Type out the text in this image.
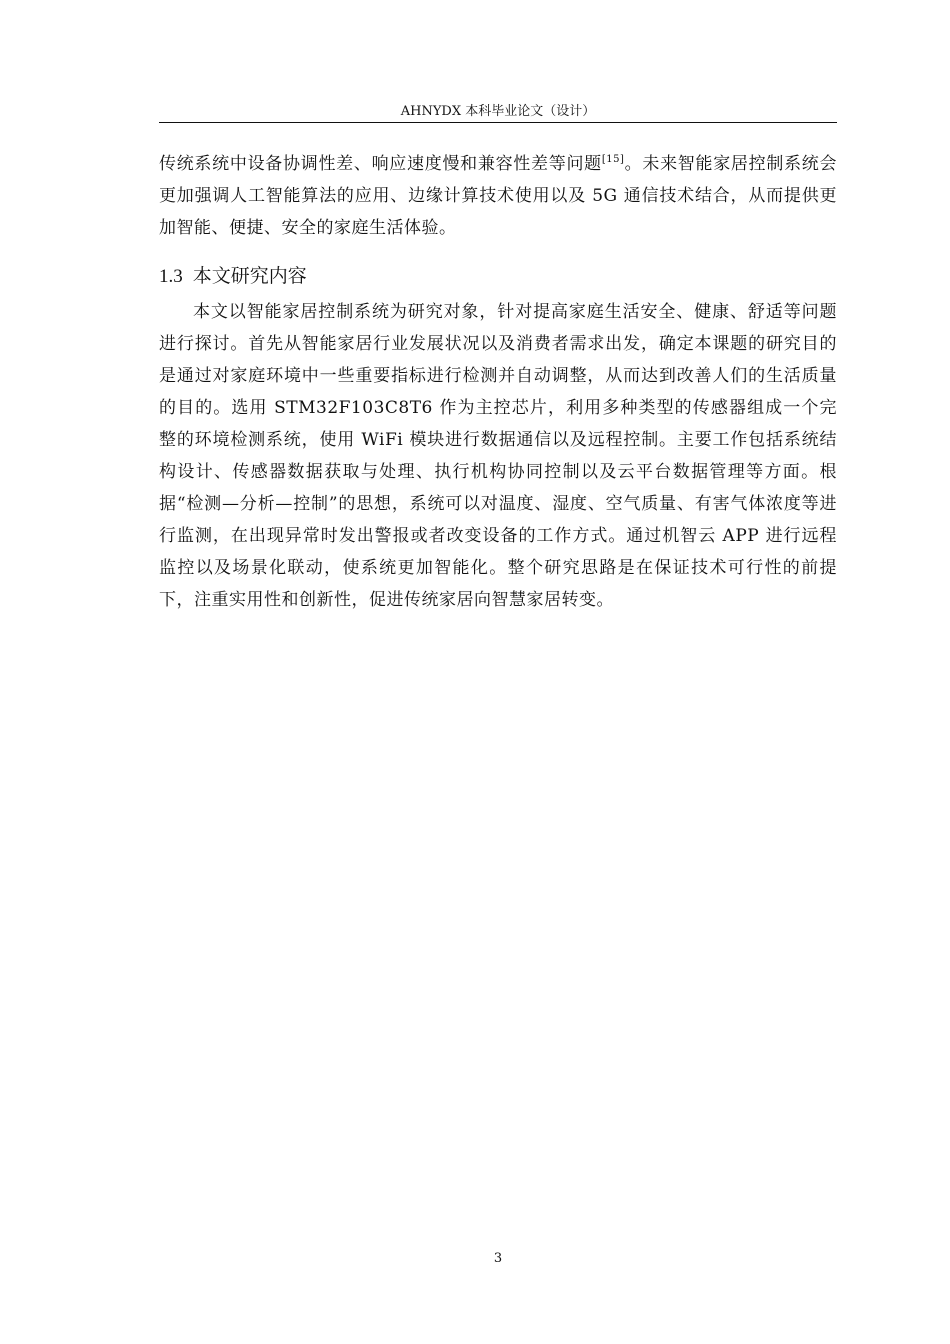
AHNYDX 本科毕业论文（设计）

传统系统中设备协调性差、响应速度慢和兼容性差等问题[15]。未来智能家居控制系统会更加强调人工智能算法的应用、边缘计算技术使用以及 5G 通信技术结合，从而提供更加智能、便捷、安全的家庭生活体验。

1.3 本文研究内容

本文以智能家居控制系统为研究对象，针对提高家庭生活安全、健康、舒适等问题进行探讨。首先从智能家居行业发展状况以及消费者需求出发，确定本课题的研究目的是通过对家庭环境中一些重要指标进行检测并自动调整，从而达到改善人们的生活质量的目的。选用 STM32F103C8T6 作为主控芯片，利用多种类型的传感器组成一个完整的环境检测系统，使用 WiFi 模块进行数据通信以及远程控制。主要工作包括系统结构设计、传感器数据获取与处理、执行机构协同控制以及云平台数据管理等方面。根据“检测—分析—控制”的思想，系统可以对温度、湿度、空气质量、有害气体浓度等进行监测，在出现异常时发出警报或者改变设备的工作方式。通过机智云 APP 进行远程监控以及场景化联动，使系统更加智能化。整个研究思路是在保证技术可行性的前提下，注重实用性和创新性，促进传统家居向智慧家居转变。

3
